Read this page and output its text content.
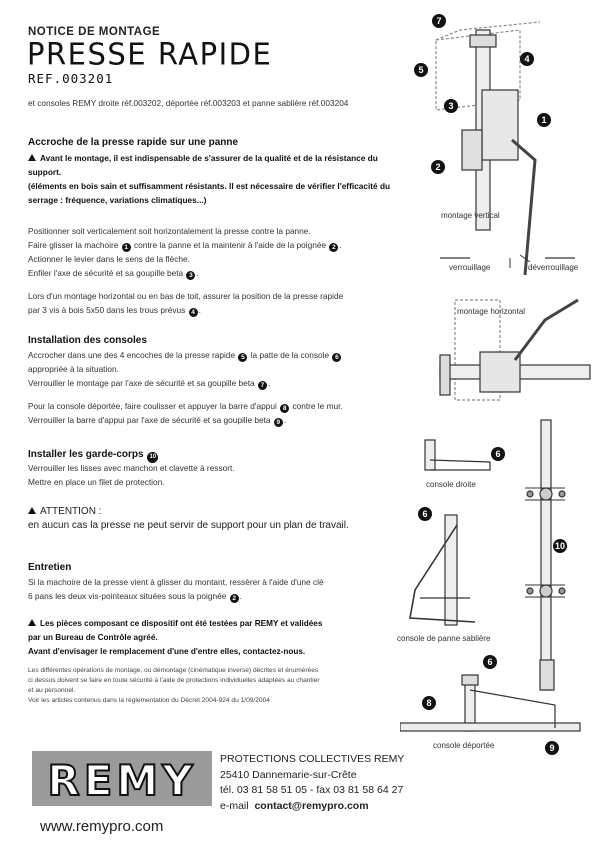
NOTICE DE MONTAGE
PRESSE RAPIDE
REF.003201
et consoles REMY droite réf.003202, déportée réf.003203 et panne sablière réf.003204
Accroche de la presse rapide sur une panne

Avant le montage, il est indispensable de s'assurer de la qualité et de la résistance du support.

(éléments en bois sain et suffisamment résistants. Il est nécessaire de vérifier l'efficacité du serrage : fréquence, variations climatiques...)

Positionner soit verticalement soit horizontalement la presse contre la panne.

Faire glisser la machoire 1 contre la panne et la maintenir à l'aide de la poignée 2 .

Actionner le levier dans le sens de la flèche.

Enfiler l'axe de sécurité et sa goupille beta 3 .

Lors d'un montage horizontal ou en bas de toit, assurer la position de la presse rapide

par 3 vis à bois 5x50 dans les trous prévus 4 .

Installation des consoles

Accrocher dans une des 4 encoches de la presse rapide 5 la patte de la console 6

appropriée à la situation.

Verrouiller le montage par l'axe de sécurité et sa goupille beta 7 .

Pour la console déportée, faire coulisser et appuyer la barre d'appui 8 contre le mur.

Verrouiller la barre d'appui par l'axe de sécurité et sa goupille beta 9 .

Installer les garde-corps 10

Verrouiller les lisses avec manchon et clavette à ressort.

Mettre en place un filet de protection.

ATTENTION :
en aucun cas la presse ne peut servir de support pour un plan de travail.
Entretien

Si la machoire de la presse vient à glisser du montant, ressèrer à l'aide d'une clé

6 pans les deux vis-pointeaux situées sous la poignée 2 .

Les pièces composant ce dispositif ont été testées par REMY et validées

par un Bureau de Contrôle agréé.

Avant d'envisager le remplacement d'une d'entre elles, contactez-nous.

Les différentes opérations de montage, ou démontage (cinématique inverse) décrites et énumérées
ci dessus doivent se faire en toute sécurité à l'aide de protections individuelles adaptées au chantier
et au personnel.
Voir les articles contenus dans la réglementation du Décret 2004-924 du 1/09/2004
7
5
4
3
1
2
6
6
10
6
8
9
montage vertical
verrouillage	déverrouillage
montage horizontal
console droite
console de panne sablière
console déportée
REMY PROTECTIONS COLLECTIVES REMY
25410 Dannemarie-sur-Crête
tél. 03 81 58 51 05 - fax 03 81 58 64 27
e-mail contact@remypro.com
www.remypro.com
